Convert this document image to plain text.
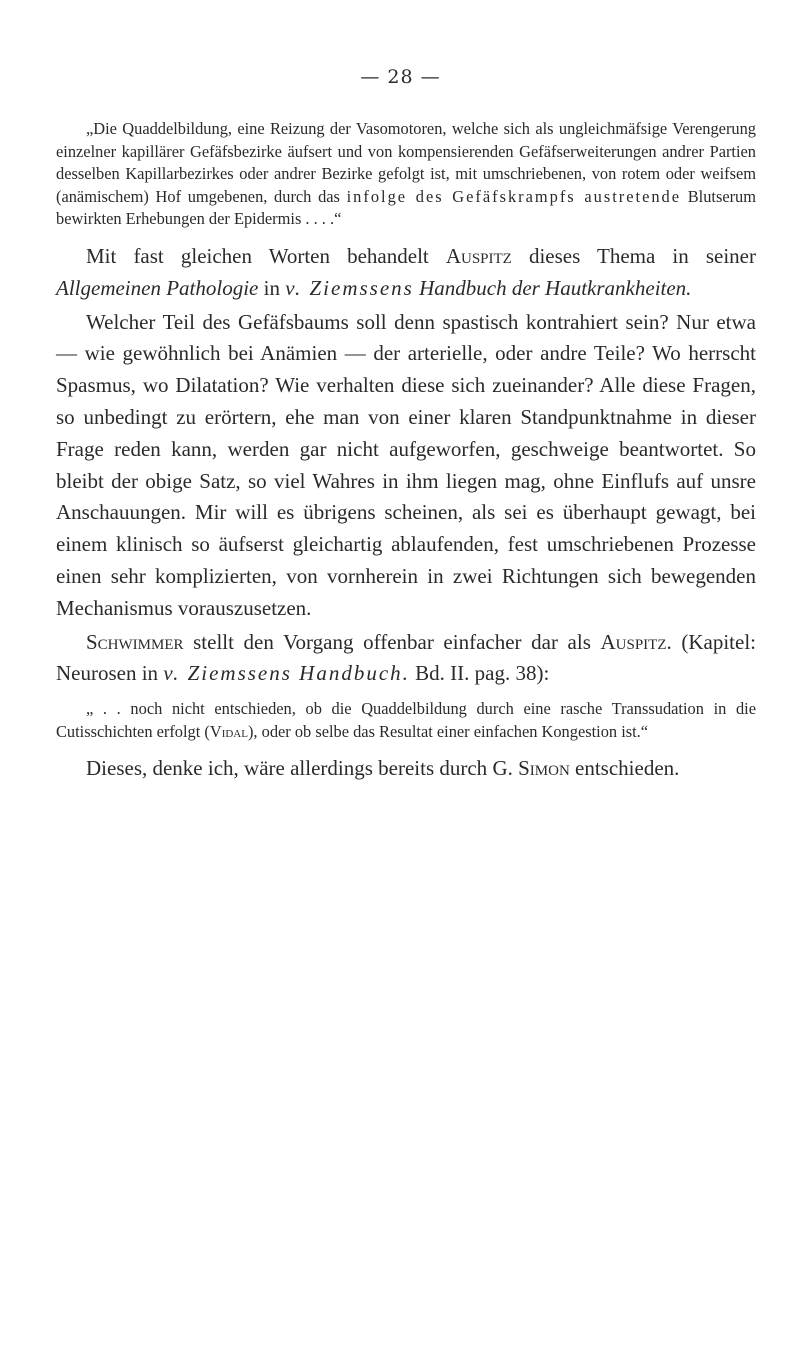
— 28 —

„Die Quaddelbildung, eine Reizung der Vasomotoren, welche sich als ungleichmäfsige Verengerung einzelner kapillärer Gefäfsbezirke äufsert und von kompensierenden Gefäfserweiterungen andrer Partien desselben Kapillarbezirkes oder andrer Bezirke gefolgt ist, mit umschriebenen, von rotem oder weifsem (anämischem) Hof umgebenen, durch das infolge des Gefäfskrampfs austretende Blutserum bewirkten Erhebungen der Epidermis . . . .“

Mit fast gleichen Worten behandelt Auspitz dieses Thema in seiner Allgemeinen Pathologie in v. Ziemssens Handbuch der Hautkrankheiten.

Welcher Teil des Gefäfsbaums soll denn spastisch kontrahiert sein? Nur etwa — wie gewöhnlich bei Anämien — der arterielle, oder andre Teile? Wo herrscht Spasmus, wo Dilatation? Wie verhalten diese sich zueinander? Alle diese Fragen, so unbedingt zu erörtern, ehe man von einer klaren Standpunktnahme in dieser Frage reden kann, werden gar nicht aufgeworfen, geschweige beantwortet. So bleibt der obige Satz, so viel Wahres in ihm liegen mag, ohne Einflufs auf unsre Anschauungen. Mir will es übrigens scheinen, als sei es überhaupt gewagt, bei einem klinisch so äufserst gleichartig ablaufenden, fest umschriebenen Prozesse einen sehr komplizierten, von vornherein in zwei Richtungen sich bewegenden Mechanismus vorauszusetzen.

Schwimmer stellt den Vorgang offenbar einfacher dar als Auspitz. (Kapitel: Neurosen in v. Ziemssens Handbuch. Bd. II. pag. 38):

„ . . noch nicht entschieden, ob die Quaddelbildung durch eine rasche Transsudation in die Cutisschichten erfolgt (Vidal), oder ob selbe das Resultat einer einfachen Kongestion ist.“

Dieses, denke ich, wäre allerdings bereits durch G. Simon entschieden.
